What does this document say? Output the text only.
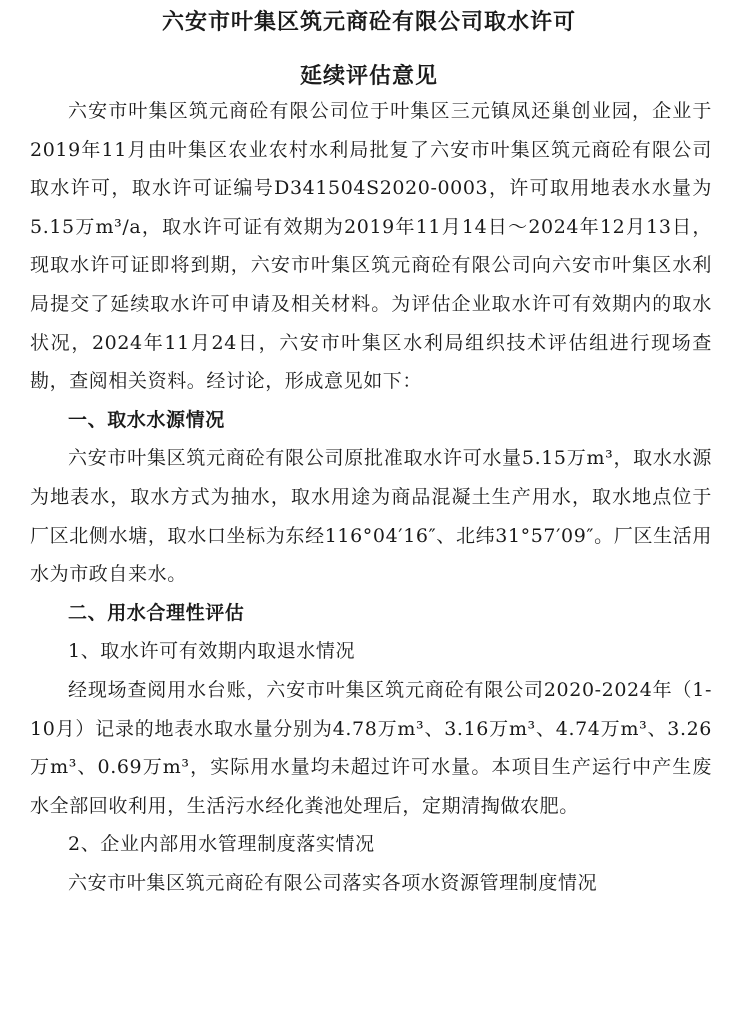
六安市叶集区筑元商砼有限公司取水许可
延续评估意见

六安市叶集区筑元商砼有限公司位于叶集区三元镇凤还巢创业园，企业于2019年11月由叶集区农业农村水利局批复了六安市叶集区筑元商砼有限公司取水许可，取水许可证编号D341504S2020-0003，许可取用地表水水量为5.15万m³/a，取水许可证有效期为2019年11月14日～2024年12月13日，现取水许可证即将到期，六安市叶集区筑元商砼有限公司向六安市叶集区水利局提交了延续取水许可申请及相关材料。为评估企业取水许可有效期内的取水状况，2024年11月24日，六安市叶集区水利局组织技术评估组进行现场查勘，查阅相关资料。经讨论，形成意见如下：

一、取水水源情况

六安市叶集区筑元商砼有限公司原批准取水许可水量5.15万m³，取水水源为地表水，取水方式为抽水，取水用途为商品混凝土生产用水，取水地点位于厂区北侧水塘，取水口坐标为东经116°04′16″、北纬31°57′09″。厂区生活用水为市政自来水。

二、用水合理性评估

1、取水许可有效期内取退水情况

经现场查阅用水台账，六安市叶集区筑元商砼有限公司2020-2024年（1-10月）记录的地表水取水量分别为4.78万m³、3.16万m³、4.74万m³、3.26万m³、0.69万m³，实际用水量均未超过许可水量。本项目生产运行中产生废水全部回收利用，生活污水经化粪池处理后，定期清掏做农肥。

2、企业内部用水管理制度落实情况

六安市叶集区筑元商砼有限公司落实各项水资源管理制度情况
